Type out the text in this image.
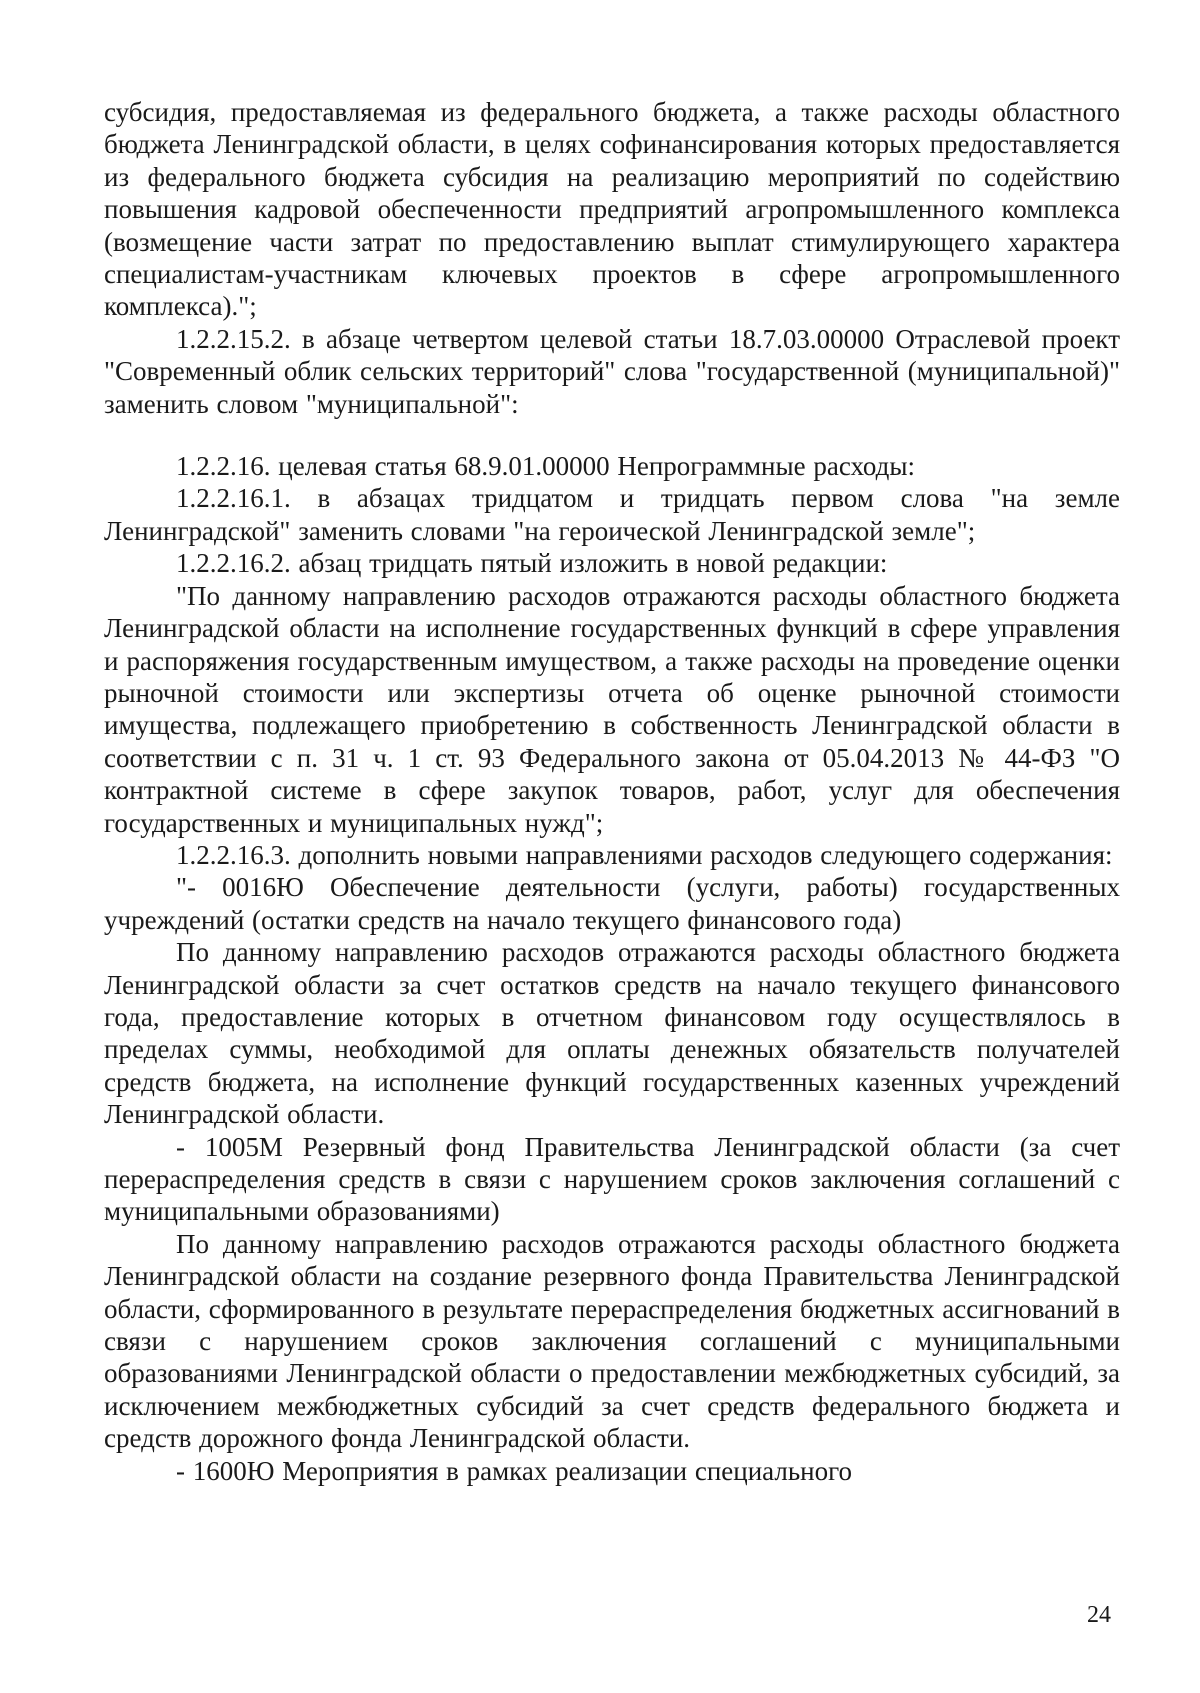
субсидия, предоставляемая из федерального бюджета, а также расходы областного бюджета Ленинградской области, в целях софинансирования которых предоставляется из федерального бюджета субсидия на реализацию мероприятий по содействию повышения кадровой обеспеченности предприятий агропромышленного комплекса (возмещение части затрат по предоставлению выплат стимулирующего характера специалистам-участникам ключевых проектов в сфере агропромышленного комплекса).";

1.2.2.15.2. в абзаце четвертом целевой статьи 18.7.03.00000 Отраслевой проект "Современный облик сельских территорий" слова "государственной (муниципальной)" заменить словом "муниципальной":

1.2.2.16. целевая статья 68.9.01.00000 Непрограммные расходы:

1.2.2.16.1. в абзацах тридцатом и тридцать первом слова "на земле Ленинградской" заменить словами "на героической Ленинградской земле";

1.2.2.16.2. абзац тридцать пятый изложить в новой редакции:

"По данному направлению расходов отражаются расходы областного бюджета Ленинградской области на исполнение государственных функций в сфере управления и распоряжения государственным имуществом, а также расходы на проведение оценки рыночной стоимости или экспертизы отчета об оценке рыночной стоимости имущества, подлежащего приобретению в собственность Ленинградской области в соответствии с п. 31 ч. 1 ст. 93 Федерального закона от 05.04.2013 № 44-ФЗ "О контрактной системе в сфере закупок товаров, работ, услуг для обеспечения государственных и муниципальных нужд";

1.2.2.16.3. дополнить новыми направлениями расходов следующего содержания:

"- 0016Ю Обеспечение деятельности (услуги, работы) государственных учреждений (остатки средств на начало текущего финансового года)

По данному направлению расходов отражаются расходы областного бюджета Ленинградской области за счет остатков средств на начало текущего финансового года, предоставление которых в отчетном финансовом году осуществлялось в пределах суммы, необходимой для оплаты денежных обязательств получателей средств бюджета, на исполнение функций государственных казенных учреждений Ленинградской области.

- 1005М Резервный фонд Правительства Ленинградской области (за счет перераспределения средств в связи с нарушением сроков заключения соглашений с муниципальными образованиями)

По данному направлению расходов отражаются расходы областного бюджета Ленинградской области на создание резервного фонда Правительства Ленинградской области, сформированного в результате перераспределения бюджетных ассигнований в связи с нарушением сроков заключения соглашений с муниципальными образованиями Ленинградской области о предоставлении межбюджетных субсидий, за исключением межбюджетных субсидий за счет средств федерального бюджета и средств дорожного фонда Ленинградской области.

- 1600Ю Мероприятия в рамках реализации специального

24
